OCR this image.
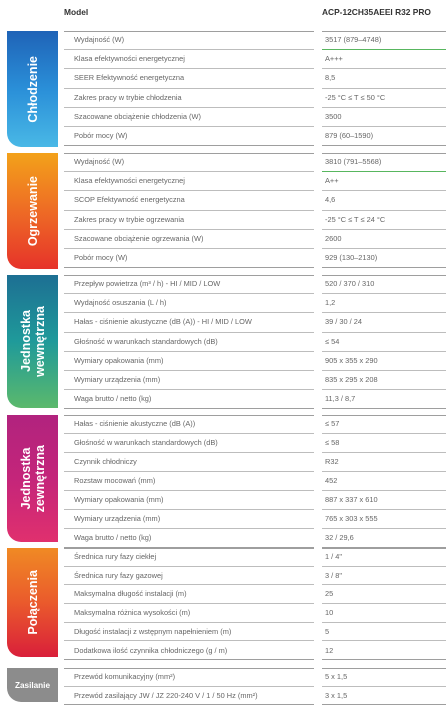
Model	ACP-12CH35AEEI R32 PRO
Chłodzenie
Wydajność (W)	3517 (879–4748)
Klasa efektywności energetycznej	A+++
SEER Efektywność energetyczna	8,5
Zakres pracy w trybie chłodzenia	-25 °C ≤ T ≤ 50 °C
Szacowane obciążenie chłodzenia (W)	3500
Pobór mocy (W)	879 (60–1590)
Ogrzewanie
Wydajność (W)	3810 (791–5568)
Klasa efektywności energetycznej	A++
SCOP Efektywność energetyczna	4,6
Zakres pracy w trybie ogrzewania	-25 °C ≤ T ≤ 24 °C
Szacowane obciążenie ogrzewania (W)	2600
Pobór mocy (W)	929 (130–2130)
Jednostka
wewnętrzna
Przepływ powietrza (m³ / h) - HI / MID / LOW	520 / 370 / 310
Wydajność osuszania (L / h)	1,2
Hałas - ciśnienie akustyczne (dB (A)) - HI / MID / LOW	39 / 30 / 24
Głośność w warunkach standardowych (dB)	≤ 54
Wymiary opakowania (mm)	905 x 355 x 290
Wymiary urządzenia (mm)	835 x 295 x 208
Waga brutto / netto (kg)	11,3 / 8,7
Jednostka
zewnętrzna
Hałas - ciśnienie akustyczne (dB (A))	≤ 57
Głośność w warunkach standardowych (dB)	≤ 58
Czynnik chłodniczy	R32
Rozstaw mocowań (mm)	452
Wymiary opakowania (mm)	887 x 337 x 610
Wymiary urządzenia (mm)	765 x 303 x 555
Waga brutto / netto (kg)	32 / 29,6
Połączenia
Średnica rury fazy ciekłej	1 / 4"
Średnica rury fazy gazowej	3 / 8"
Maksymalna długość instalacji (m)	25
Maksymalna różnica wysokości (m)	10
Długość instalacji z wstępnym napełnieniem (m)	5
Dodatkowa ilość czynnika chłodniczego (g / m)	12
Zasilanie
Przewód komunikacyjny (mm²)	5 x 1,5
Przewód zasilający JW / JZ 220-240 V / 1 / 50 Hz (mm²)	3 x 1,5
